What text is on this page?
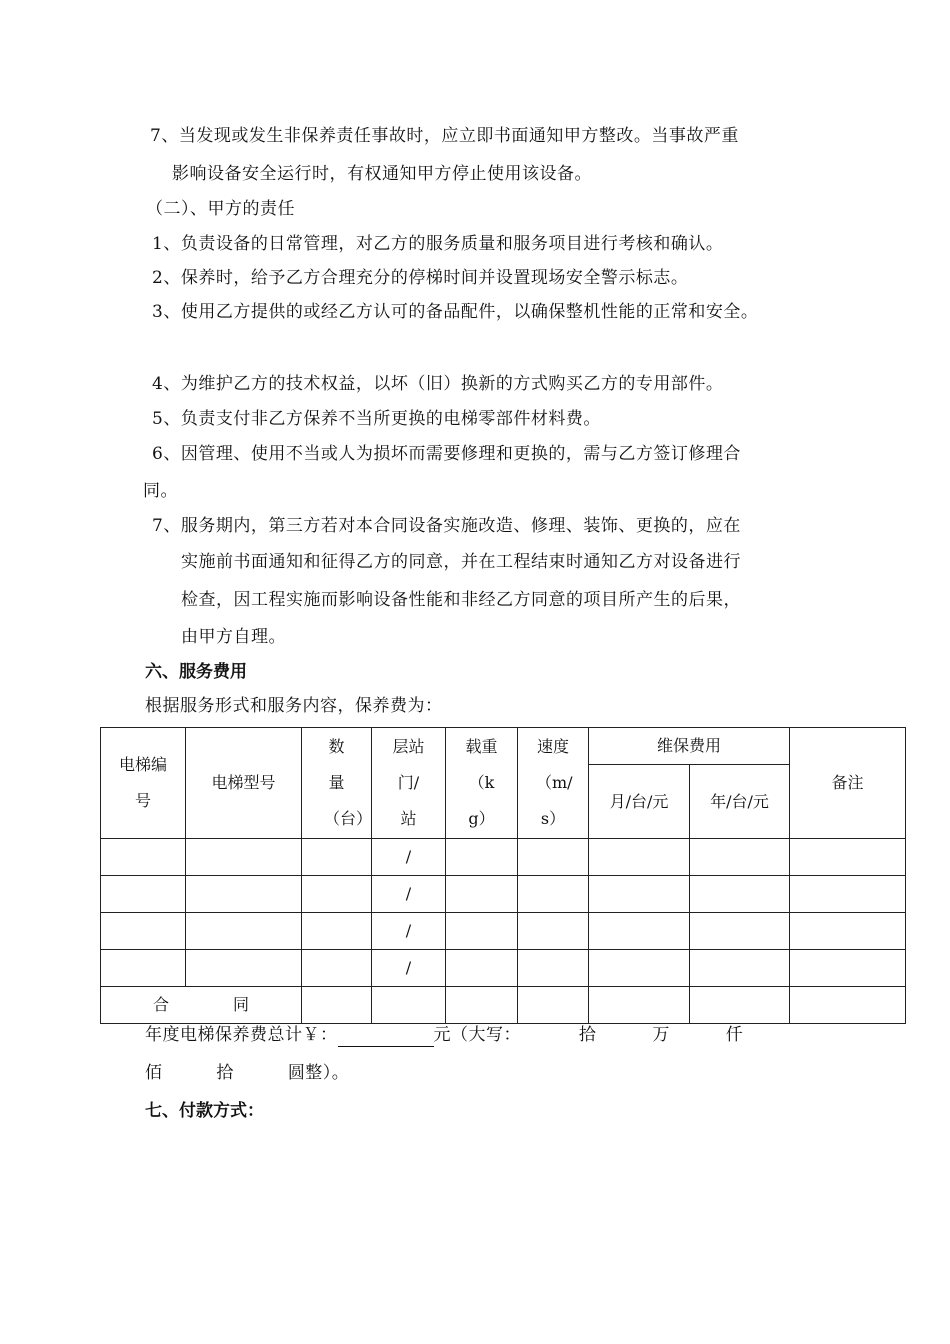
7、当发现或发生非保养责任事故时，应立即书面通知甲方整改。当事故严重
影响设备安全运行时，有权通知甲方停止使用该设备。
（二）、甲方的责任
1、负责设备的日常管理，对乙方的服务质量和服务项目进行考核和确认。
2、保养时，给予乙方合理充分的停梯时间并设置现场安全警示标志。
3、使用乙方提供的或经乙方认可的备品配件，以确保整机性能的正常和安全。
4、为维护乙方的技术权益，以坏（旧）换新的方式购买乙方的专用部件。
5、负责支付非乙方保养不当所更换的电梯零部件材料费。
6、因管理、使用不当或人为损坏而需要修理和更换的，需与乙方签订修理合
同。
7、服务期内，第三方若对本合同设备实施改造、修理、装饰、更换的，应在
实施前书面通知和征得乙方的同意，并在工程结束时通知乙方对设备进行
检查，因工程实施而影响设备性能和非经乙方同意的项目所产生的后果，
由甲方自理。
六、服务费用
根据服务形式和服务内容，保养费为：
电梯编号	电梯型号	数量（台）	层站门/站	载重（kg）	速度（m/s）	维保费用		备注
						月/台/元	年/台/元	
			/					
			/					
			/					
			/					
合 同								
年度电梯保养费总计￥：	元（大写：	拾	万	仟
佰	拾	圆整）。
七、付款方式：
